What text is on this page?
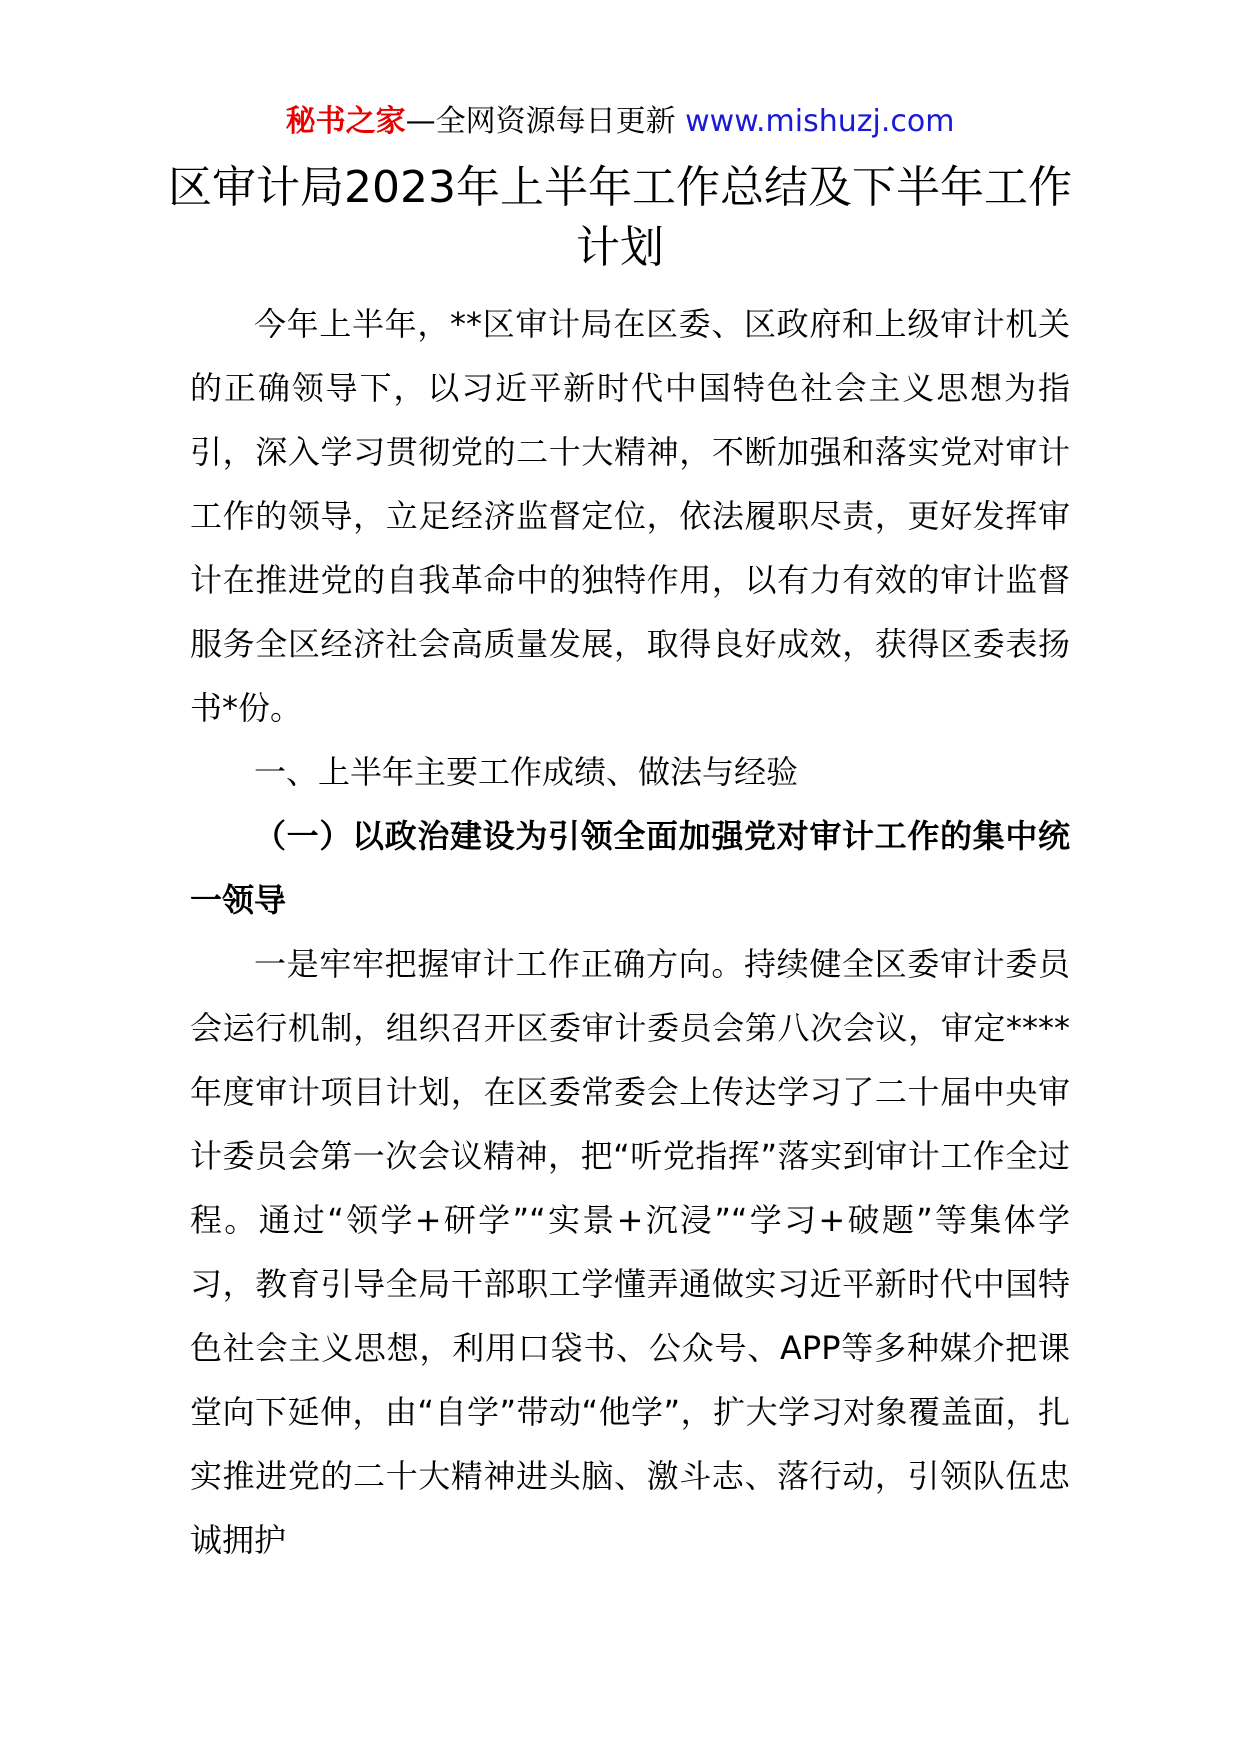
秘书之家—全网资源每日更新 www.mishuzj.com
区审计局2023年上半年工作总结及下半年工作计划

今年上半年，**区审计局在区委、区政府和上级审计机关的正确领导下，以习近平新时代中国特色社会主义思想为指引，深入学习贯彻党的二十大精神，不断加强和落实党对审计工作的领导，立足经济监督定位，依法履职尽责，更好发挥审计在推进党的自我革命中的独特作用，以有力有效的审计监督服务全区经济社会高质量发展，取得良好成效，获得区委表扬书*份。

一、上半年主要工作成绩、做法与经验

（一）以政治建设为引领全面加强党对审计工作的集中统一领导

一是牢牢把握审计工作正确方向。持续健全区委审计委员会运行机制，组织召开区委审计委员会第八次会议，审定****年度审计项目计划，在区委常委会上传达学习了二十届中央审计委员会第一次会议精神，把“听党指挥”落实到审计工作全过程。通过“领学+研学”“实景+沉浸”“学习+破题”等集体学习，教育引导全局干部职工学懂弄通做实习近平新时代中国特色社会主义思想，利用口袋书、公众号、APP等多种媒介把课堂向下延伸，由“自学”带动“他学”，扩大学习对象覆盖面，扎实推进党的二十大精神进头脑、激斗志、落行动，引领队伍忠诚拥护
